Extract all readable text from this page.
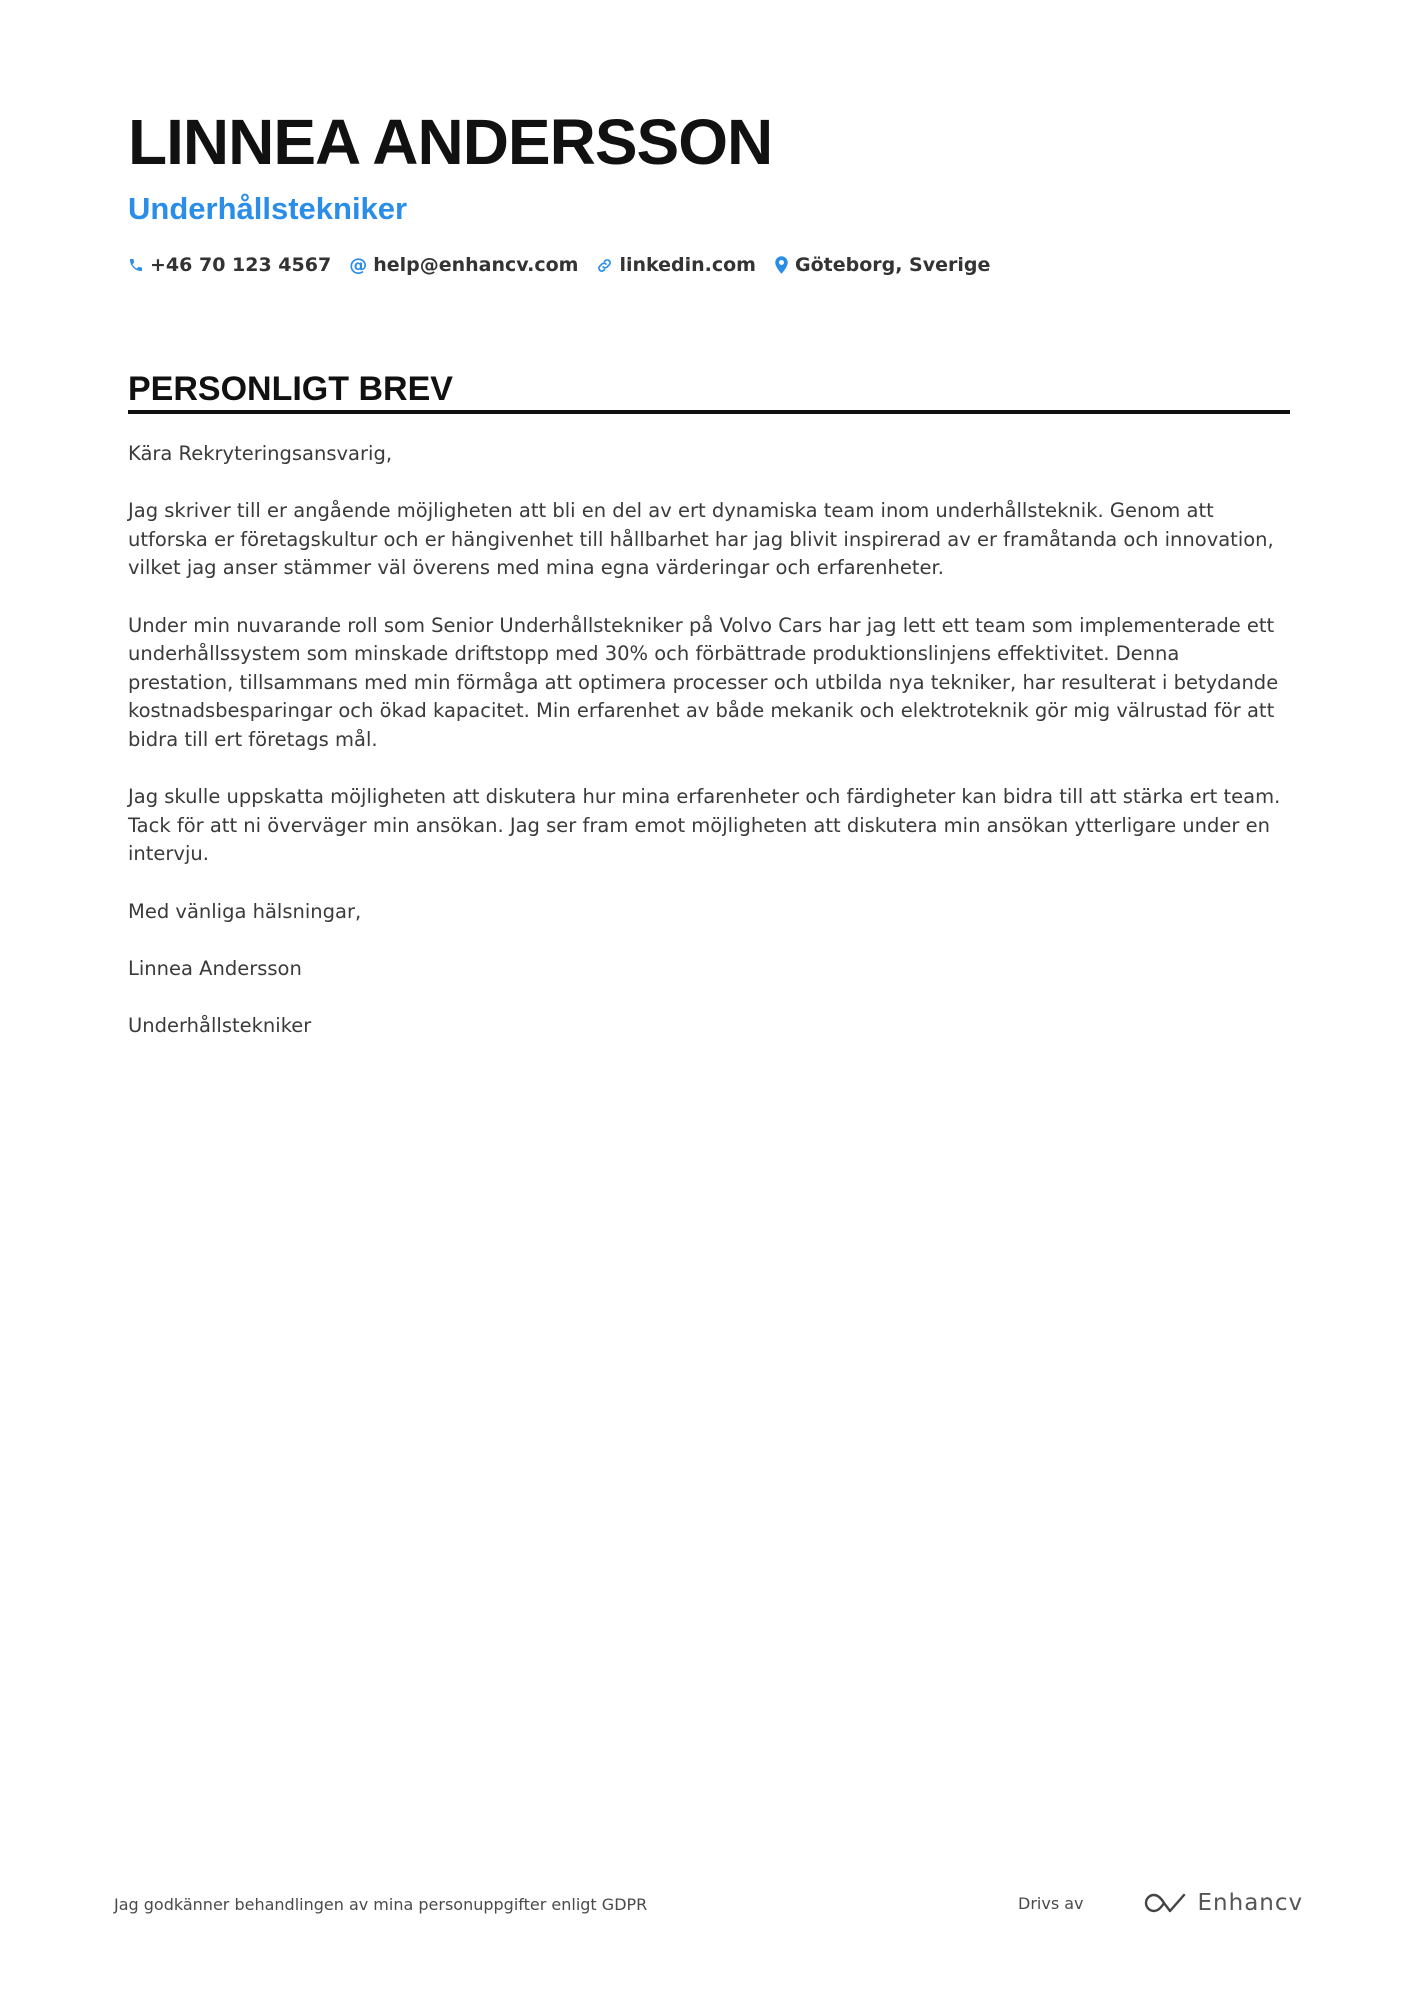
LINNEA ANDERSSON
Underhållstekniker
+46 70 123 4567 @ help@enhancv.com linkedin.com Göteborg, Sverige
PERSONLIGT BREV

Kära Rekryteringsansvarig,

Jag skriver till er angående möjligheten att bli en del av ert dynamiska team inom underhållsteknik. Genom att utforska er företagskultur och er hängivenhet till hållbarhet har jag blivit inspirerad av er framåtanda och innovation, vilket jag anser stämmer väl överens med mina egna värderingar och erfarenheter.

Under min nuvarande roll som Senior Underhållstekniker på Volvo Cars har jag lett ett team som implementerade ett underhållssystem som minskade driftstopp med 30% och förbättrade produktionslinjens effektivitet. Denna prestation, tillsammans med min förmåga att optimera processer och utbilda nya tekniker, har resulterat i betydande kostnadsbesparingar och ökad kapacitet. Min erfarenhet av både mekanik och elektroteknik gör mig välrustad för att bidra till ert företags mål.

Jag skulle uppskatta möjligheten att diskutera hur mina erfarenheter och färdigheter kan bidra till att stärka ert team. Tack för att ni överväger min ansökan. Jag ser fram emot möjligheten att diskutera min ansökan ytterligare under en intervju.

Med vänliga hälsningar,

Linnea Andersson

Underhållstekniker

Jag godkänner behandlingen av mina personuppgifter enligt GDPR	Drivs av	Enhancv
